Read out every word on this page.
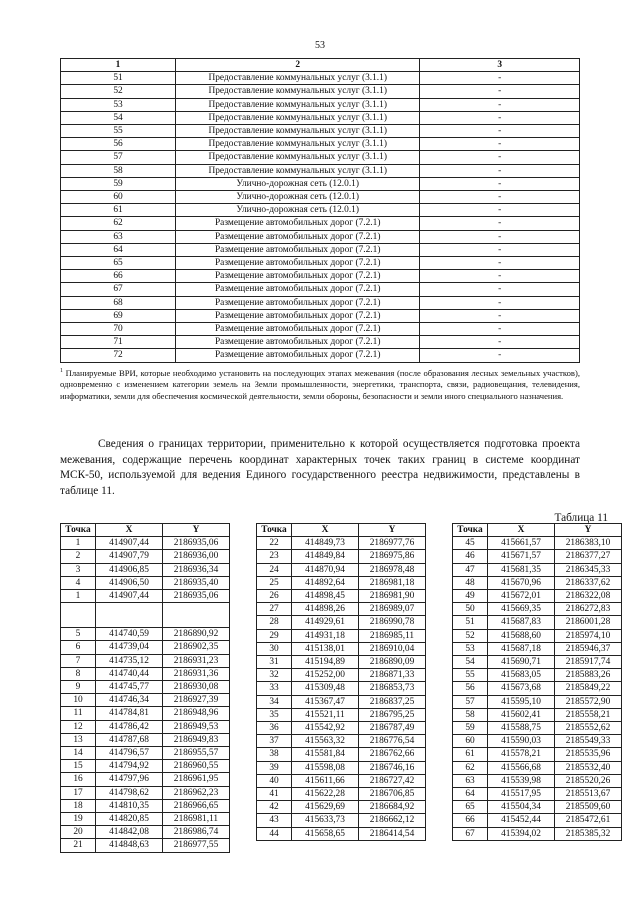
53
1	2	3
51	Предоставление коммунальных услуг (3.1.1)	-
52	Предоставление коммунальных услуг (3.1.1)	-
53	Предоставление коммунальных услуг (3.1.1)	-
54	Предоставление коммунальных услуг (3.1.1)	-
55	Предоставление коммунальных услуг (3.1.1)	-
56	Предоставление коммунальных услуг (3.1.1)	-
57	Предоставление коммунальных услуг (3.1.1)	-
58	Предоставление коммунальных услуг (3.1.1)	-
59	Улично-дорожная сеть (12.0.1)	-
60	Улично-дорожная сеть (12.0.1)	-
61	Улично-дорожная сеть (12.0.1)	-
62	Размещение автомобильных дорог (7.2.1)	-
63	Размещение автомобильных дорог (7.2.1)	-
64	Размещение автомобильных дорог (7.2.1)	-
65	Размещение автомобильных дорог (7.2.1)	-
66	Размещение автомобильных дорог (7.2.1)	-
67	Размещение автомобильных дорог (7.2.1)	-
68	Размещение автомобильных дорог (7.2.1)	-
69	Размещение автомобильных дорог (7.2.1)	-
70	Размещение автомобильных дорог (7.2.1)	-
71	Размещение автомобильных дорог (7.2.1)	-
72	Размещение автомобильных дорог (7.2.1)	-
$^1$ Планируемые ВРИ, которые необходимо установить на последующих этапах межевания (после образования лесных земельных участков), одновременно с изменением категории земель на Земли промышленности, энергетики, транспорта, связи, радиовещания, телевидения, информатики, земли для обеспечения космической деятельности, земли обороны, безопасности и земли иного специального назначения.
Сведения о границах территории, применительно к которой осуществляется подготовка проекта межевания, содержащие перечень координат характерных точек таких границ в системе координат МСК-50, используемой для ведения Единого государственного реестра недвижимости, представлены в таблице 11.
Таблица 11
Точка	X	Y
1	414907,44	2186935,06
2	414907,79	2186936,00
3	414906,85	2186936,34
4	414906,50	2186935,40
1	414907,44	2186935,06

5	414740,59	2186890,92
6	414739,04	2186902,35
7	414735,12	2186931,23
8	414740,44	2186931,36
9	414745,77	2186930,08
10	414746,34	2186927,39
11	414784,81	2186948,96
12	414786,42	2186949,53
13	414787,68	2186949,83
14	414796,57	2186955,57
15	414794,92	2186960,55
16	414797,96	2186961,95
17	414798,62	2186962,23
18	414810,35	2186966,65
19	414820,85	2186981,11
20	414842,08	2186986,74
21	414848,63	2186977,55
Точка	X	Y
22	414849,73	2186977,76
23	414849,84	2186975,86
24	414870,94	2186978,48
25	414892,64	2186981,18
26	414898,45	2186981,90
27	414898,26	2186989,07
28	414929,61	2186990,78
29	414931,18	2186985,11
30	415138,01	2186910,04
31	415194,89	2186890,09
32	415252,00	2186871,33
33	415309,48	2186853,73
34	415367,47	2186837,25
35	415521,11	2186795,25
36	415542,92	2186787,49
37	415563,32	2186776,54
38	415581,84	2186762,66
39	415598,08	2186746,16
40	415611,66	2186727,42
41	415622,28	2186706,85
42	415629,69	2186684,92
43	415633,73	2186662,12
44	415658,65	2186414,54
Точка	X	Y
45	415661,57	2186383,10
46	415671,57	2186377,27
47	415681,35	2186345,33
48	415670,96	2186337,62
49	415672,01	2186322,08
50	415669,35	2186272,83
51	415687,83	2186001,28
52	415688,60	2185974,10
53	415687,18	2185946,37
54	415690,71	2185917,74
55	415683,05	2185883,26
56	415673,68	2185849,22
57	415595,10	2185572,90
58	415602,41	2185558,21
59	415588,75	2185552,62
60	415590,03	2185549,33
61	415578,21	2185535,96
62	415566,68	2185532,40
63	415539,98	2185520,26
64	415517,95	2185513,67
65	415504,34	2185509,60
66	415452,44	2185472,61
67	415394,02	2185385,32
